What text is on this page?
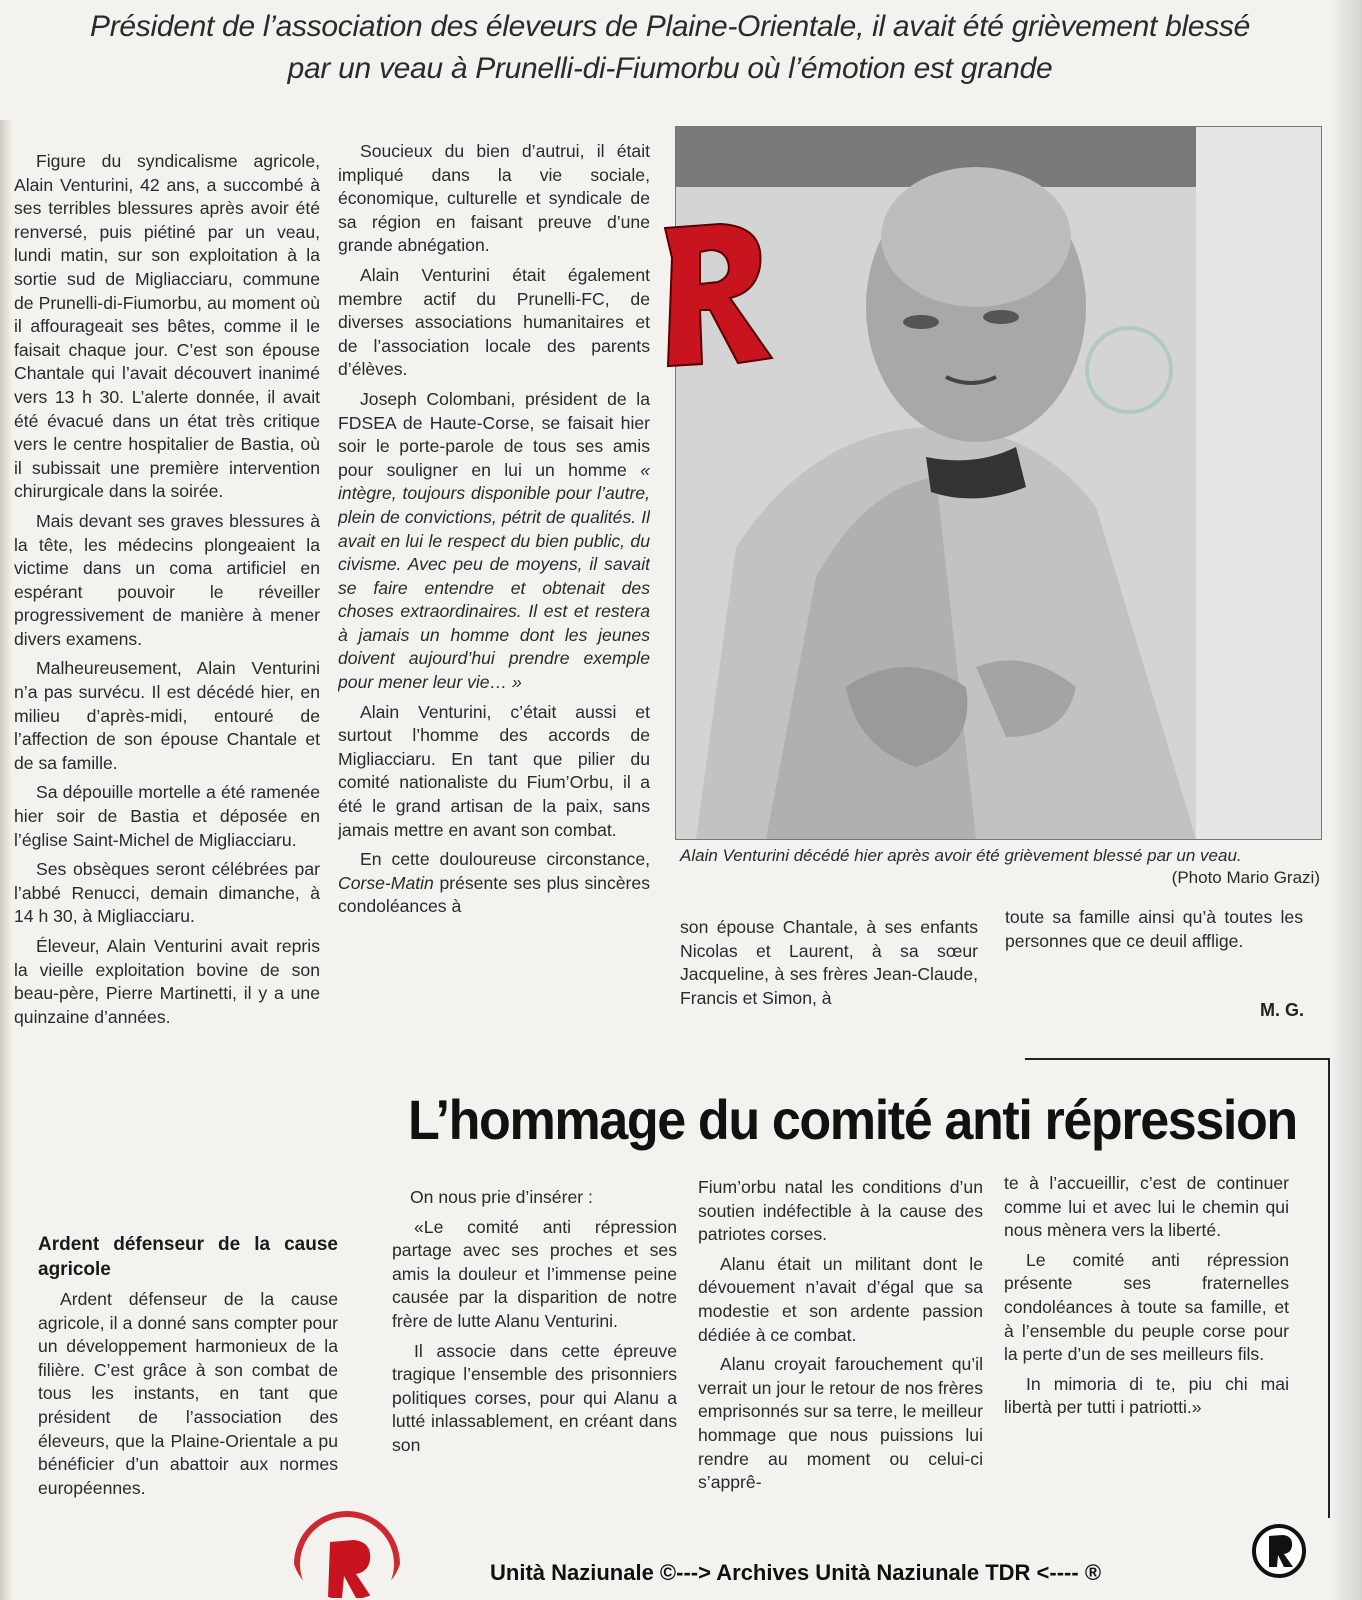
Président de l’association des éleveurs de Plaine-Orientale, il avait été grièvement blessé
par un veau à Prunelli-di-Fiumorbu où l’émotion est grande

Figure du syndicalisme agricole, Alain Venturini, 42 ans, a succombé à ses terribles blessures après avoir été renversé, puis piétiné par un veau, lundi matin, sur son exploitation à la sortie sud de Migliacciaru, commune de Prunelli-di-Fiumorbu, au moment où il affourageait ses bêtes, comme il le faisait chaque jour. C’est son épouse Chantale qui l’avait découvert inanimé vers 13 h 30. L’alerte donnée, il avait été évacué dans un état très critique vers le centre hospitalier de Bastia, où il subissait une première intervention chirurgicale dans la soirée.

Mais devant ses graves blessures à la tête, les médecins plongeaient la victime dans un coma artificiel en espérant pouvoir le réveiller progressivement de manière à mener divers examens.

Malheureusement, Alain Venturini n’a pas survécu. Il est décédé hier, en milieu d’après-midi, entouré de l’affection de son épouse Chantale et de sa famille.

Sa dépouille mortelle a été ramenée hier soir de Bastia et déposée en l’église Saint-Michel de Migliacciaru.

Ses obsèques seront célébrées par l’abbé Renucci, demain dimanche, à 14 h 30, à Migliacciaru.

Éleveur, Alain Venturini avait repris la vieille exploitation bovine de son beau-père, Pierre Martinetti, il y a une quinzaine d’années.

Ardent défenseur de la cause agricole

Ardent défenseur de la cause agricole, il a donné sans compter pour un développement harmonieux de la filière. C’est grâce à son combat de tous les instants, en tant que président de l’association des éleveurs, que la Plaine-Orientale a pu bénéficier d’un abattoir aux normes européennes.

Soucieux du bien d’autrui, il était impliqué dans la vie sociale, économique, culturelle et syndicale de sa région en faisant preuve d’une grande abnégation.

Alain Venturini était également membre actif du Prunelli-FC, de diverses associations humanitaires et de l’association locale des parents d’élèves.

Joseph Colombani, président de la FDSEA de Haute-Corse, se faisait hier soir le porte-parole de tous ses amis pour souligner en lui un homme « intègre, toujours disponible pour l’autre, plein de convictions, pétrit de qualités. Il avait en lui le respect du bien public, du civisme. Avec peu de moyens, il savait se faire entendre et obtenait des choses extraordinaires. Il est et restera à jamais un homme dont les jeunes doivent aujourd’hui prendre exemple pour mener leur vie… »

Alain Venturini, c’était aussi et surtout l’homme des accords de Migliacciaru. En tant que pilier du comité nationaliste du Fium’Orbu, il a été le grand artisan de la paix, sans jamais mettre en avant son combat.

En cette douloureuse circonstance, Corse-Matin présente ses plus sincères condoléances à

Alain Venturini décédé hier après avoir été grièvement blessé par un veau.
(Photo Mario Grazi)

son épouse Chantale, à ses enfants Nicolas et Laurent, à sa sœur Jacqueline, à ses frères Jean-Claude, Francis et Simon, à

toute sa famille ainsi qu’à toutes les personnes que ce deuil afflige.

M. G.
L’hommage du comité anti répression

On nous prie d’insérer :

«Le comité anti répression partage avec ses proches et ses amis la douleur et l’immense peine causée par la disparition de notre frère de lutte Alanu Venturini.

Il associe dans cette épreuve tragique l’ensemble des prisonniers politiques corses, pour qui Alanu a lutté inlassablement, en créant dans son

Fium’orbu natal les conditions d’un soutien indéfectible à la cause des patriotes corses.

Alanu était un militant dont le dévouement n’avait d’égal que sa modestie et son ardente passion dédiée à ce combat.

Alanu croyait farouchement qu’il verrait un jour le retour de nos frères emprisonnés sur sa terre, le meilleur hommage que nous puissions lui rendre au moment ou celui-ci s’apprê-

te à l’accueillir, c’est de continuer comme lui et avec lui le chemin qui nous mènera vers la liberté.

Le comité anti répression présente ses fraternelles condoléances à toute sa famille, et à l’ensemble du peuple corse pour la perte d’un de ses meilleurs fils.

In mimoria di te, piu chi mai libertà per tutti i patriotti.»

Unità Naziunale ©---> Archives Unità Naziunale TDR <---- ®
